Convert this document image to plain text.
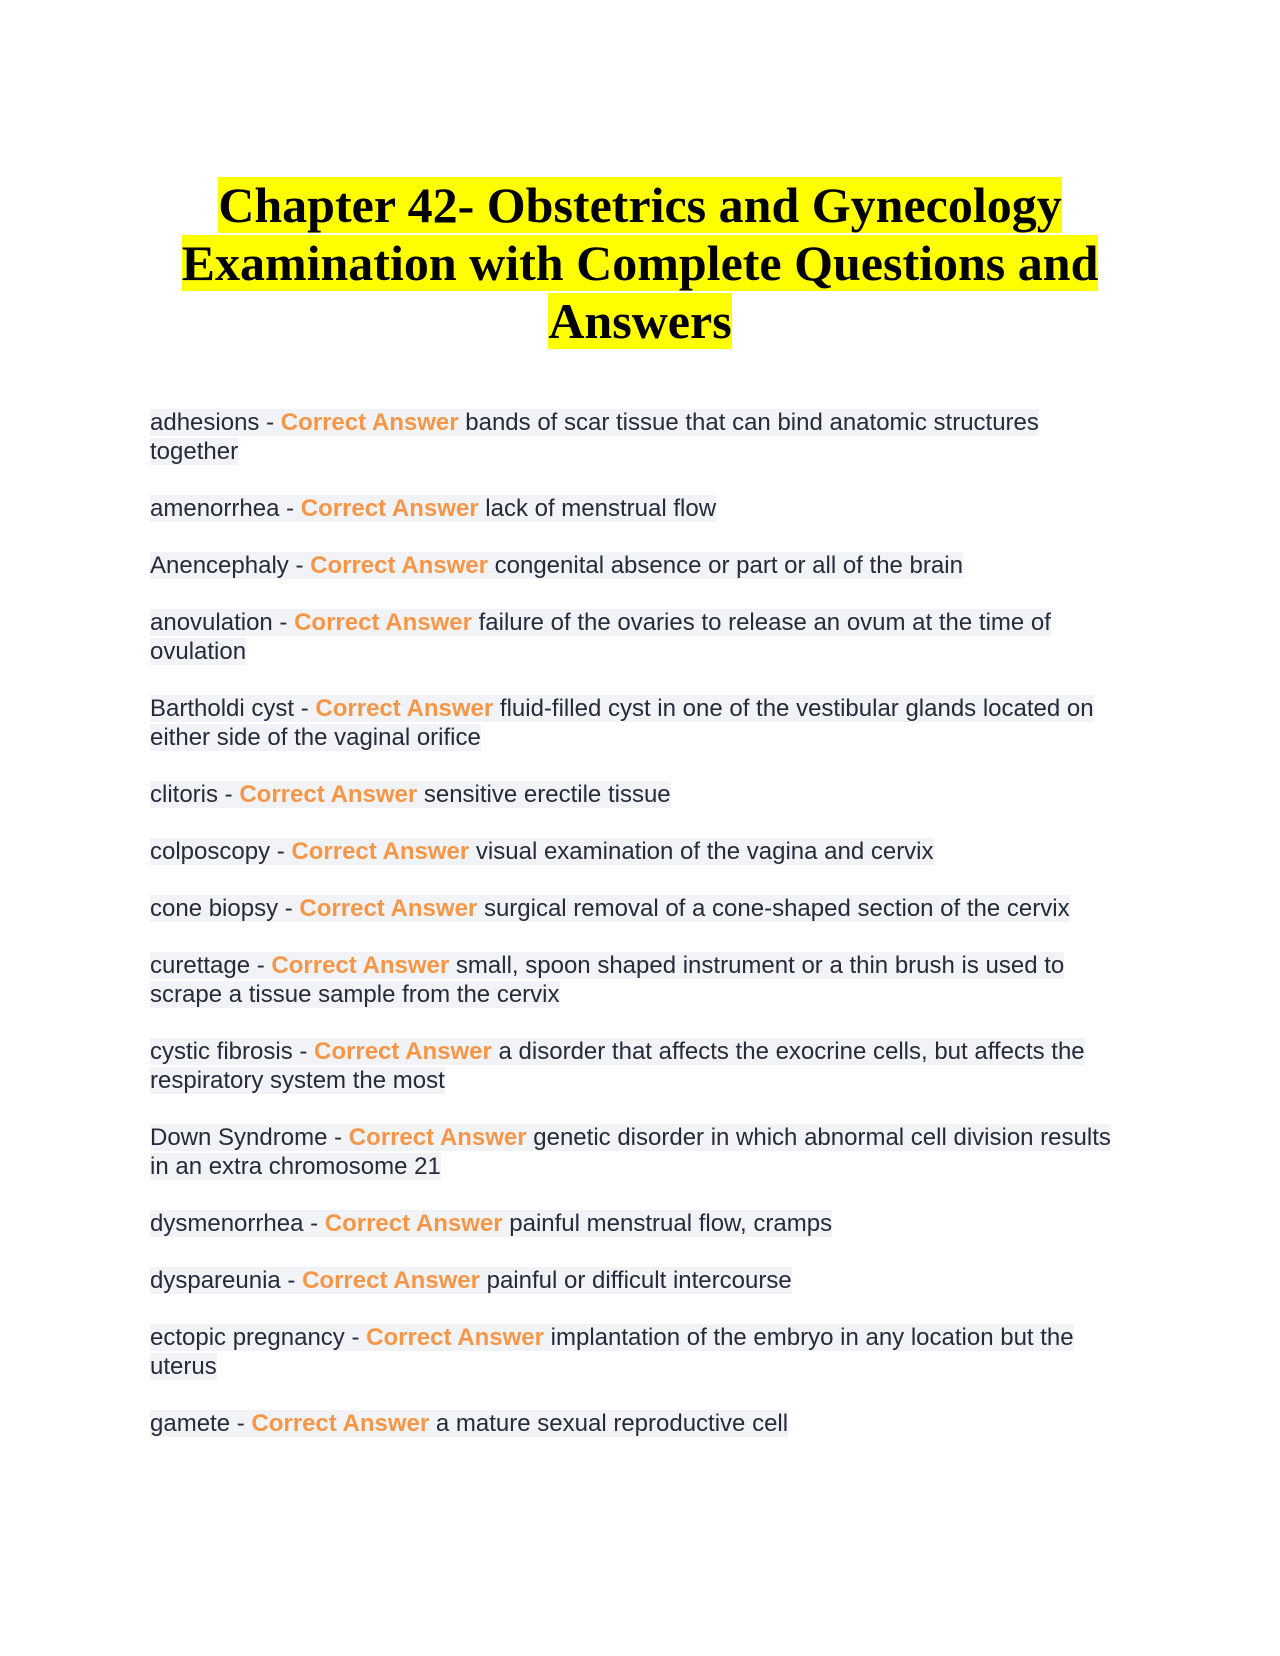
Chapter 42- Obstetrics and Gynecology Examination with Complete Questions and Answers
adhesions - Correct Answer bands of scar tissue that can bind anatomic structures together
amenorrhea - Correct Answer lack of menstrual flow
Anencephaly - Correct Answer congenital absence or part or all of the brain
anovulation - Correct Answer failure of the ovaries to release an ovum at the time of ovulation
Bartholdi cyst - Correct Answer fluid-filled cyst in one of the vestibular glands located on either side of the vaginal orifice
clitoris - Correct Answer sensitive erectile tissue
colposcopy - Correct Answer visual examination of the vagina and cervix
cone biopsy - Correct Answer surgical removal of a cone-shaped section of the cervix
curettage - Correct Answer small, spoon shaped instrument or a thin brush is used to scrape a tissue sample from the cervix
cystic fibrosis - Correct Answer a disorder that affects the exocrine cells, but affects the respiratory system the most
Down Syndrome - Correct Answer genetic disorder in which abnormal cell division results in an extra chromosome 21
dysmenorrhea - Correct Answer painful menstrual flow, cramps
dyspareunia - Correct Answer painful or difficult intercourse
ectopic pregnancy - Correct Answer implantation of the embryo in any location but the uterus
gamete - Correct Answer a mature sexual reproductive cell
